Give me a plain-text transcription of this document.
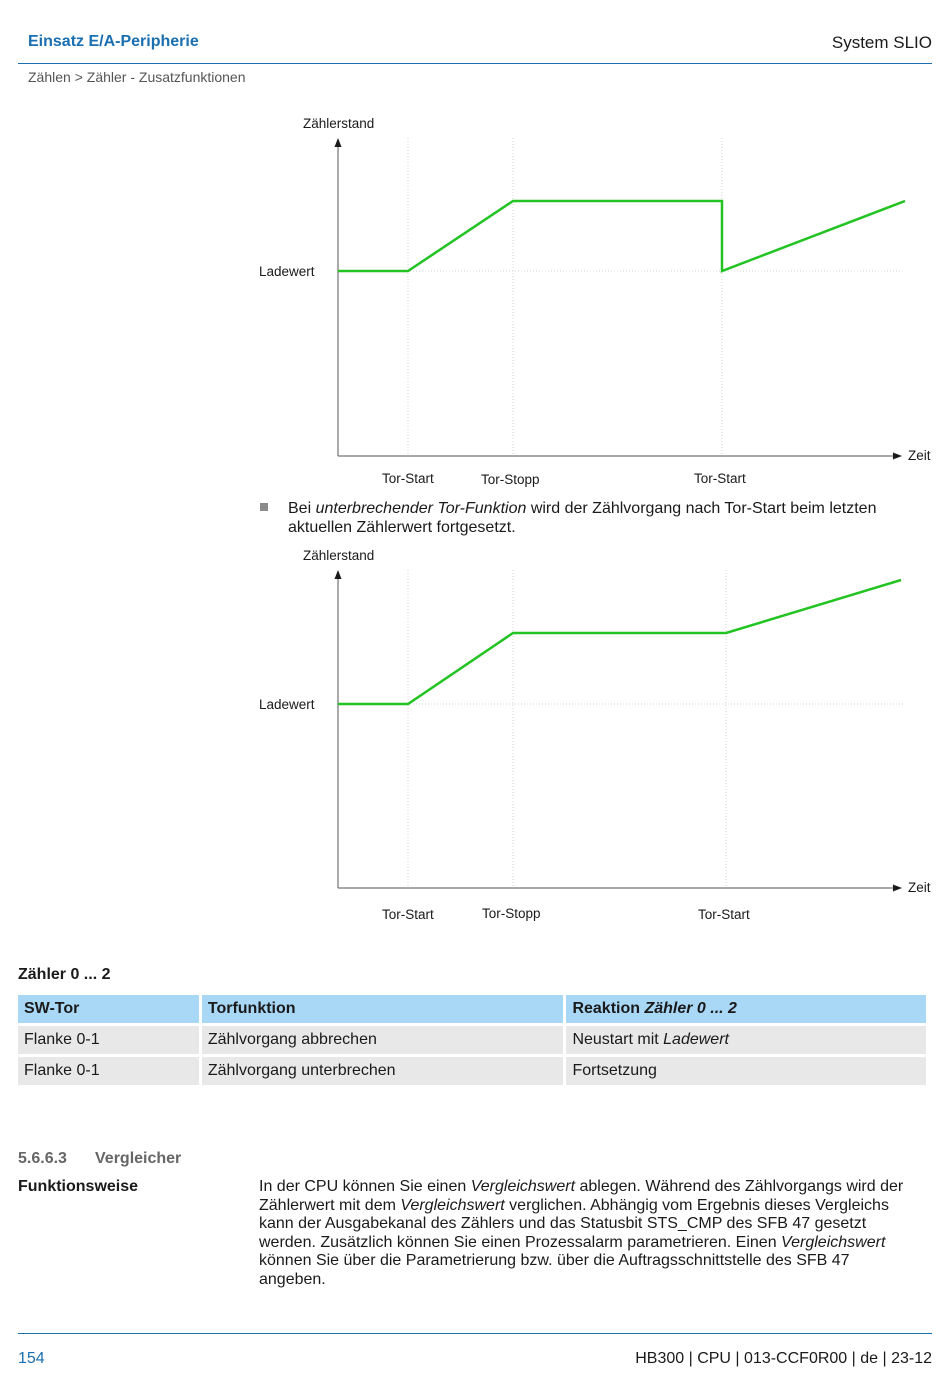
Einsatz E/A-Peripherie	System SLIO
Zählen > Zähler - Zusatzfunktionen
Zählerstand
Ladewert
Zeit
Tor-Start	Tor-Stopp	Tor-Start
Bei unterbrechender Tor-Funktion wird der Zählvorgang nach Tor-Start beim letzten aktuellen Zählerwert fortgesetzt.
Zählerstand
Ladewert
Zeit
Tor-Start	Tor-Stopp	Tor-Start
Zähler 0 ... 2
SW-Tor	Torfunktion	Reaktion Zähler 0 ... 2
Flanke 0-1	Zählvorgang abbrechen	Neustart mit Ladewert
Flanke 0-1	Zählvorgang unterbrechen	Fortsetzung
5.6.6.3 Vergleicher
Funktionsweise	In der CPU können Sie einen Vergleichswert ablegen. Während des Zählvorgangs wird der Zählerwert mit dem Vergleichswert verglichen. Abhängig vom Ergebnis dieses Vergleichs kann der Ausgabekanal des Zählers und das Statusbit STS_CMP des SFB 47 gesetzt werden. Zusätzlich können Sie einen Prozessalarm parametrieren. Einen Vergleichswert können Sie über die Parametrierung bzw. über die Auftragsschnittstelle des SFB 47 angeben.
154	HB300 | CPU | 013-CCF0R00 | de | 23-12
